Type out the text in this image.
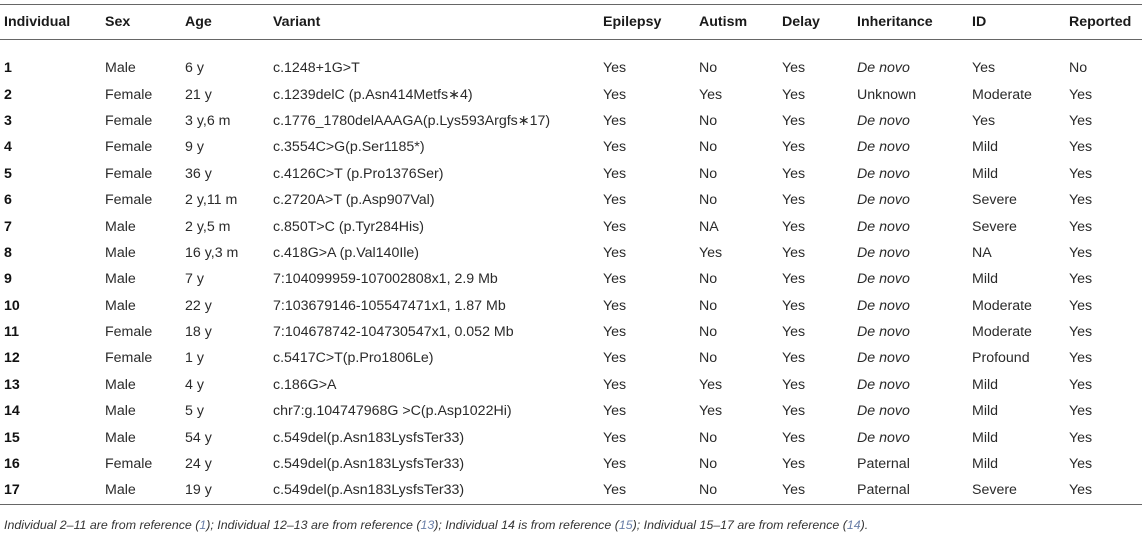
Individual	Sex	Age	Variant	Epilepsy	Autism	Delay	Inheritance	ID	Reported

1	Male	6 y	c.1248+1G>T	Yes	No	Yes	De novo	Yes	No
2	Female	21 y	c.1239delC (p.Asn414Metfs∗4)	Yes	Yes	Yes	Unknown	Moderate	Yes
3	Female	3 y,6 m	c.1776_1780delAAAGA(p.Lys593Argfs∗17)	Yes	No	Yes	De novo	Yes	Yes
4	Female	9 y	c.3554C>G(p.Ser1185*)	Yes	No	Yes	De novo	Mild	Yes
5	Female	36 y	c.4126C>T (p.Pro1376Ser)	Yes	No	Yes	De novo	Mild	Yes
6	Female	2 y,11 m	c.2720A>T (p.Asp907Val)	Yes	No	Yes	De novo	Severe	Yes
7	Male	2 y,5 m	c.850T>C (p.Tyr284His)	Yes	NA	Yes	De novo	Severe	Yes
8	Male	16 y,3 m	c.418G>A (p.Val140Ile)	Yes	Yes	Yes	De novo	NA	Yes
9	Male	7 y	7:104099959-107002808x1, 2.9 Mb	Yes	No	Yes	De novo	Mild	Yes
10	Male	22 y	7:103679146-105547471x1, 1.87 Mb	Yes	No	Yes	De novo	Moderate	Yes
11	Female	18 y	7:104678742-104730547x1, 0.052 Mb	Yes	No	Yes	De novo	Moderate	Yes
12	Female	1 y	c.5417C>T(p.Pro1806Le)	Yes	No	Yes	De novo	Profound	Yes
13	Male	4 y	c.186G>A	Yes	Yes	Yes	De novo	Mild	Yes
14	Male	5 y	chr7:g.104747968G >C(p.Asp1022Hi)	Yes	Yes	Yes	De novo	Mild	Yes
15	Male	54 y	c.549del(p.Asn183LysfsTer33)	Yes	No	Yes	De novo	Mild	Yes
16	Female	24 y	c.549del(p.Asn183LysfsTer33)	Yes	No	Yes	Paternal	Mild	Yes
17	Male	19 y	c.549del(p.Asn183LysfsTer33)	Yes	No	Yes	Paternal	Severe	Yes
Individual 2–11 are from reference (1); Individual 12–13 are from reference (13); Individual 14 is from reference (15); Individual 15–17 are from reference (14).
